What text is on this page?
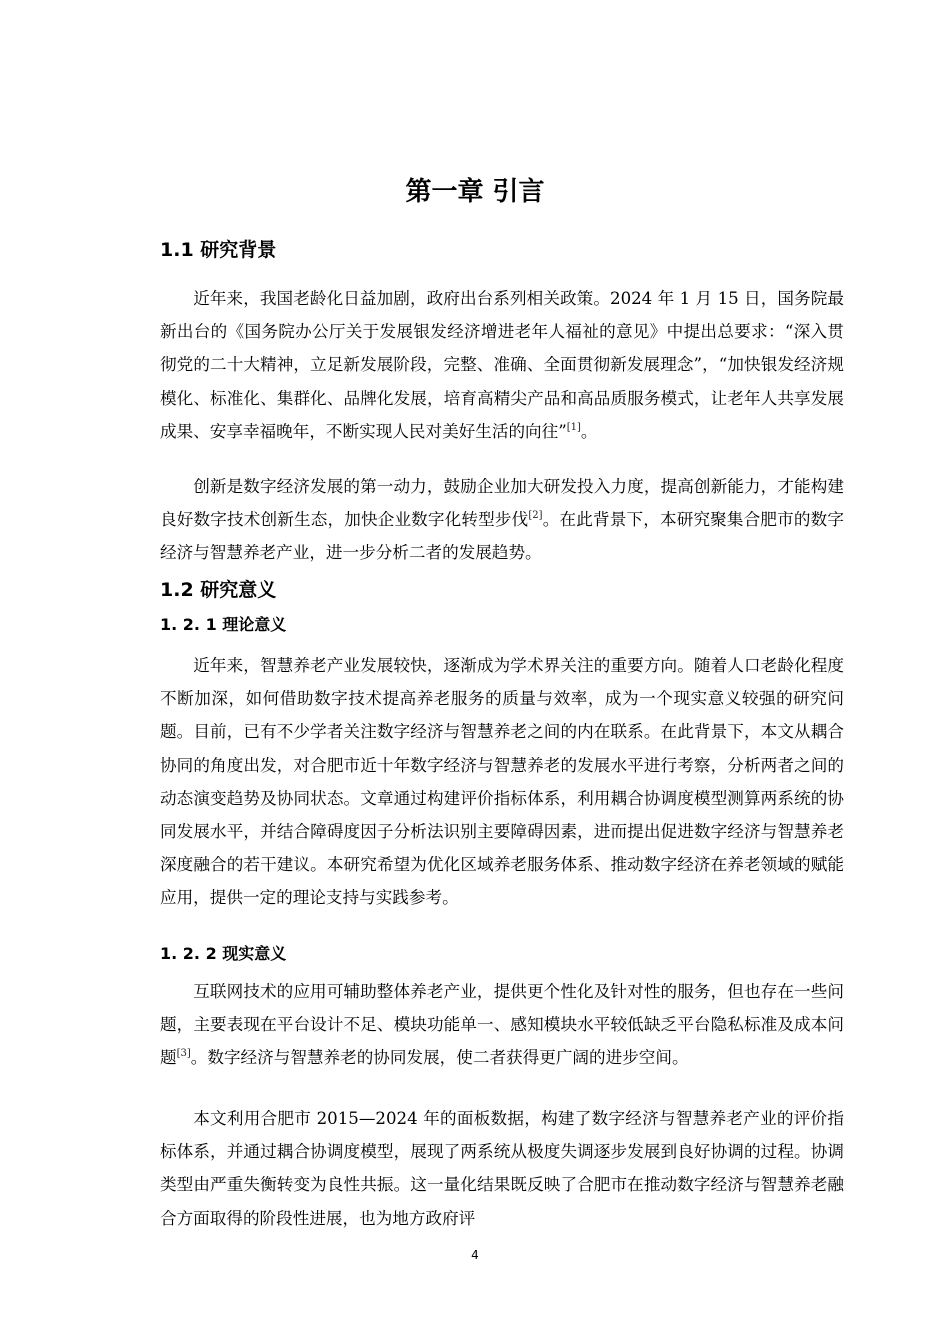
第一章 引言
1.1 研究背景

近年来，我国老龄化日益加剧，政府出台系列相关政策。2024 年 1 月 15 日，国务院最新出台的《国务院办公厅关于发展银发经济增进老年人福祉的意见》中提出总要求：“深入贯彻党的二十大精神，立足新发展阶段，完整、准确、全面贯彻新发展理念”，“加快银发经济规模化、标准化、集群化、品牌化发展，培育高精尖产品和高品质服务模式，让老年人共享发展成果、安享幸福晚年，不断实现人民对美好生活的向往”[1]。

创新是数字经济发展的第一动力，鼓励企业加大研发投入力度，提高创新能力，才能构建良好数字技术创新生态，加快企业数字化转型步伐[2]。在此背景下，本研究聚集合肥市的数字经济与智慧养老产业，进一步分析二者的发展趋势。

1.2 研究意义
1. 2. 1 理论意义

近年来，智慧养老产业发展较快，逐渐成为学术界关注的重要方向。随着人口老龄化程度不断加深，如何借助数字技术提高养老服务的质量与效率，成为一个现实意义较强的研究问题。目前，已有不少学者关注数字经济与智慧养老之间的内在联系。在此背景下，本文从耦合协同的角度出发，对合肥市近十年数字经济与智慧养老的发展水平进行考察，分析两者之间的动态演变趋势及协同状态。文章通过构建评价指标体系，利用耦合协调度模型测算两系统的协同发展水平，并结合障碍度因子分析法识别主要障碍因素，进而提出促进数字经济与智慧养老深度融合的若干建议。本研究希望为优化区域养老服务体系、推动数字经济在养老领域的赋能应用，提供一定的理论支持与实践参考。

1. 2. 2 现实意义

互联网技术的应用可辅助整体养老产业，提供更个性化及针对性的服务，但也存在一些问题，主要表现在平台设计不足、模块功能单一、感知模块水平较低缺乏平台隐私标准及成本问题[3]。数字经济与智慧养老的协同发展，使二者获得更广阔的进步空间。

本文利用合肥市 2015—2024 年的面板数据，构建了数字经济与智慧养老产业的评价指标体系，并通过耦合协调度模型，展现了两系统从极度失调逐步发展到良好协调的过程。协调类型由严重失衡转变为良性共振。这一量化结果既反映了合肥市在推动数字经济与智慧养老融合方面取得的阶段性进展，也为地方政府评

4
